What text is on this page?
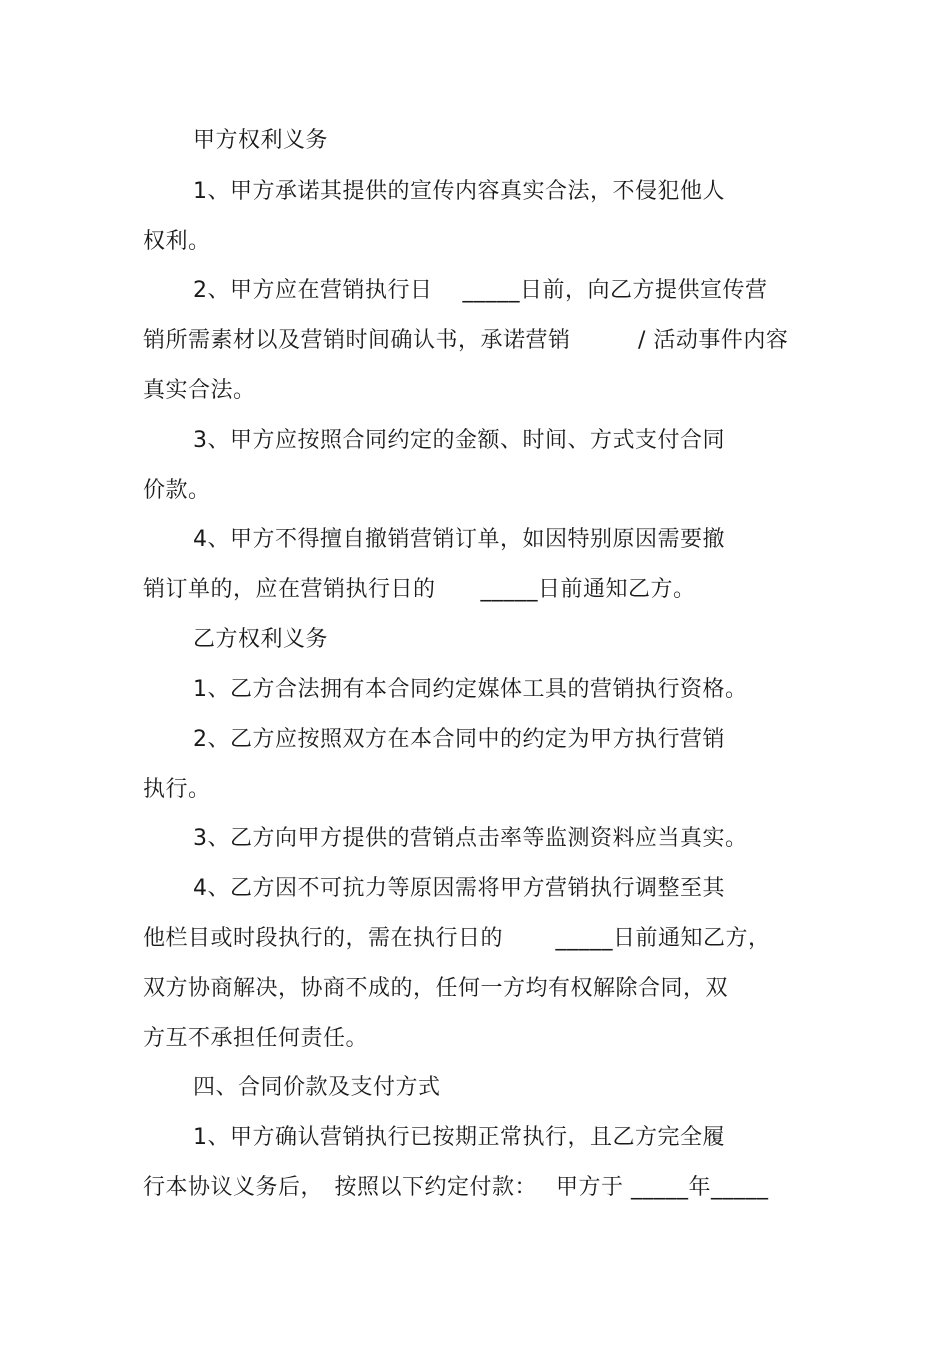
甲方权利义务
1、甲方承诺其提供的宣传内容真实合法，不侵犯他人
权利。
2、甲方应在营销执行日　 _____日前，向乙方提供宣传营
销所需素材以及营销时间确认书，承诺营销　　　/ 活动事件内容
真实合法。
3、甲方应按照合同约定的金额、时间、方式支付合同
价款。
4、甲方不得擅自撤销营销订单，如因特别原因需要撤
销订单的，应在营销执行日的　　_____日前通知乙方。
乙方权利义务
1、乙方合法拥有本合同约定媒体工具的营销执行资格。
2、乙方应按照双方在本合同中的约定为甲方执行营销
执行。
3、乙方向甲方提供的营销点击率等监测资料应当真实。
4、乙方因不可抗力等原因需将甲方营销执行调整至其
他栏目或时段执行的，需在执行日的　　 _____日前通知乙方，
双方协商解决，协商不成的，任何一方均有权解除合同，双
方互不承担任何责任。
四、合同价款及支付方式
1、甲方确认营销执行已按期正常执行，且乙方完全履
行本协议义务后，　按照以下约定付款：　 甲方于 _____年_____
